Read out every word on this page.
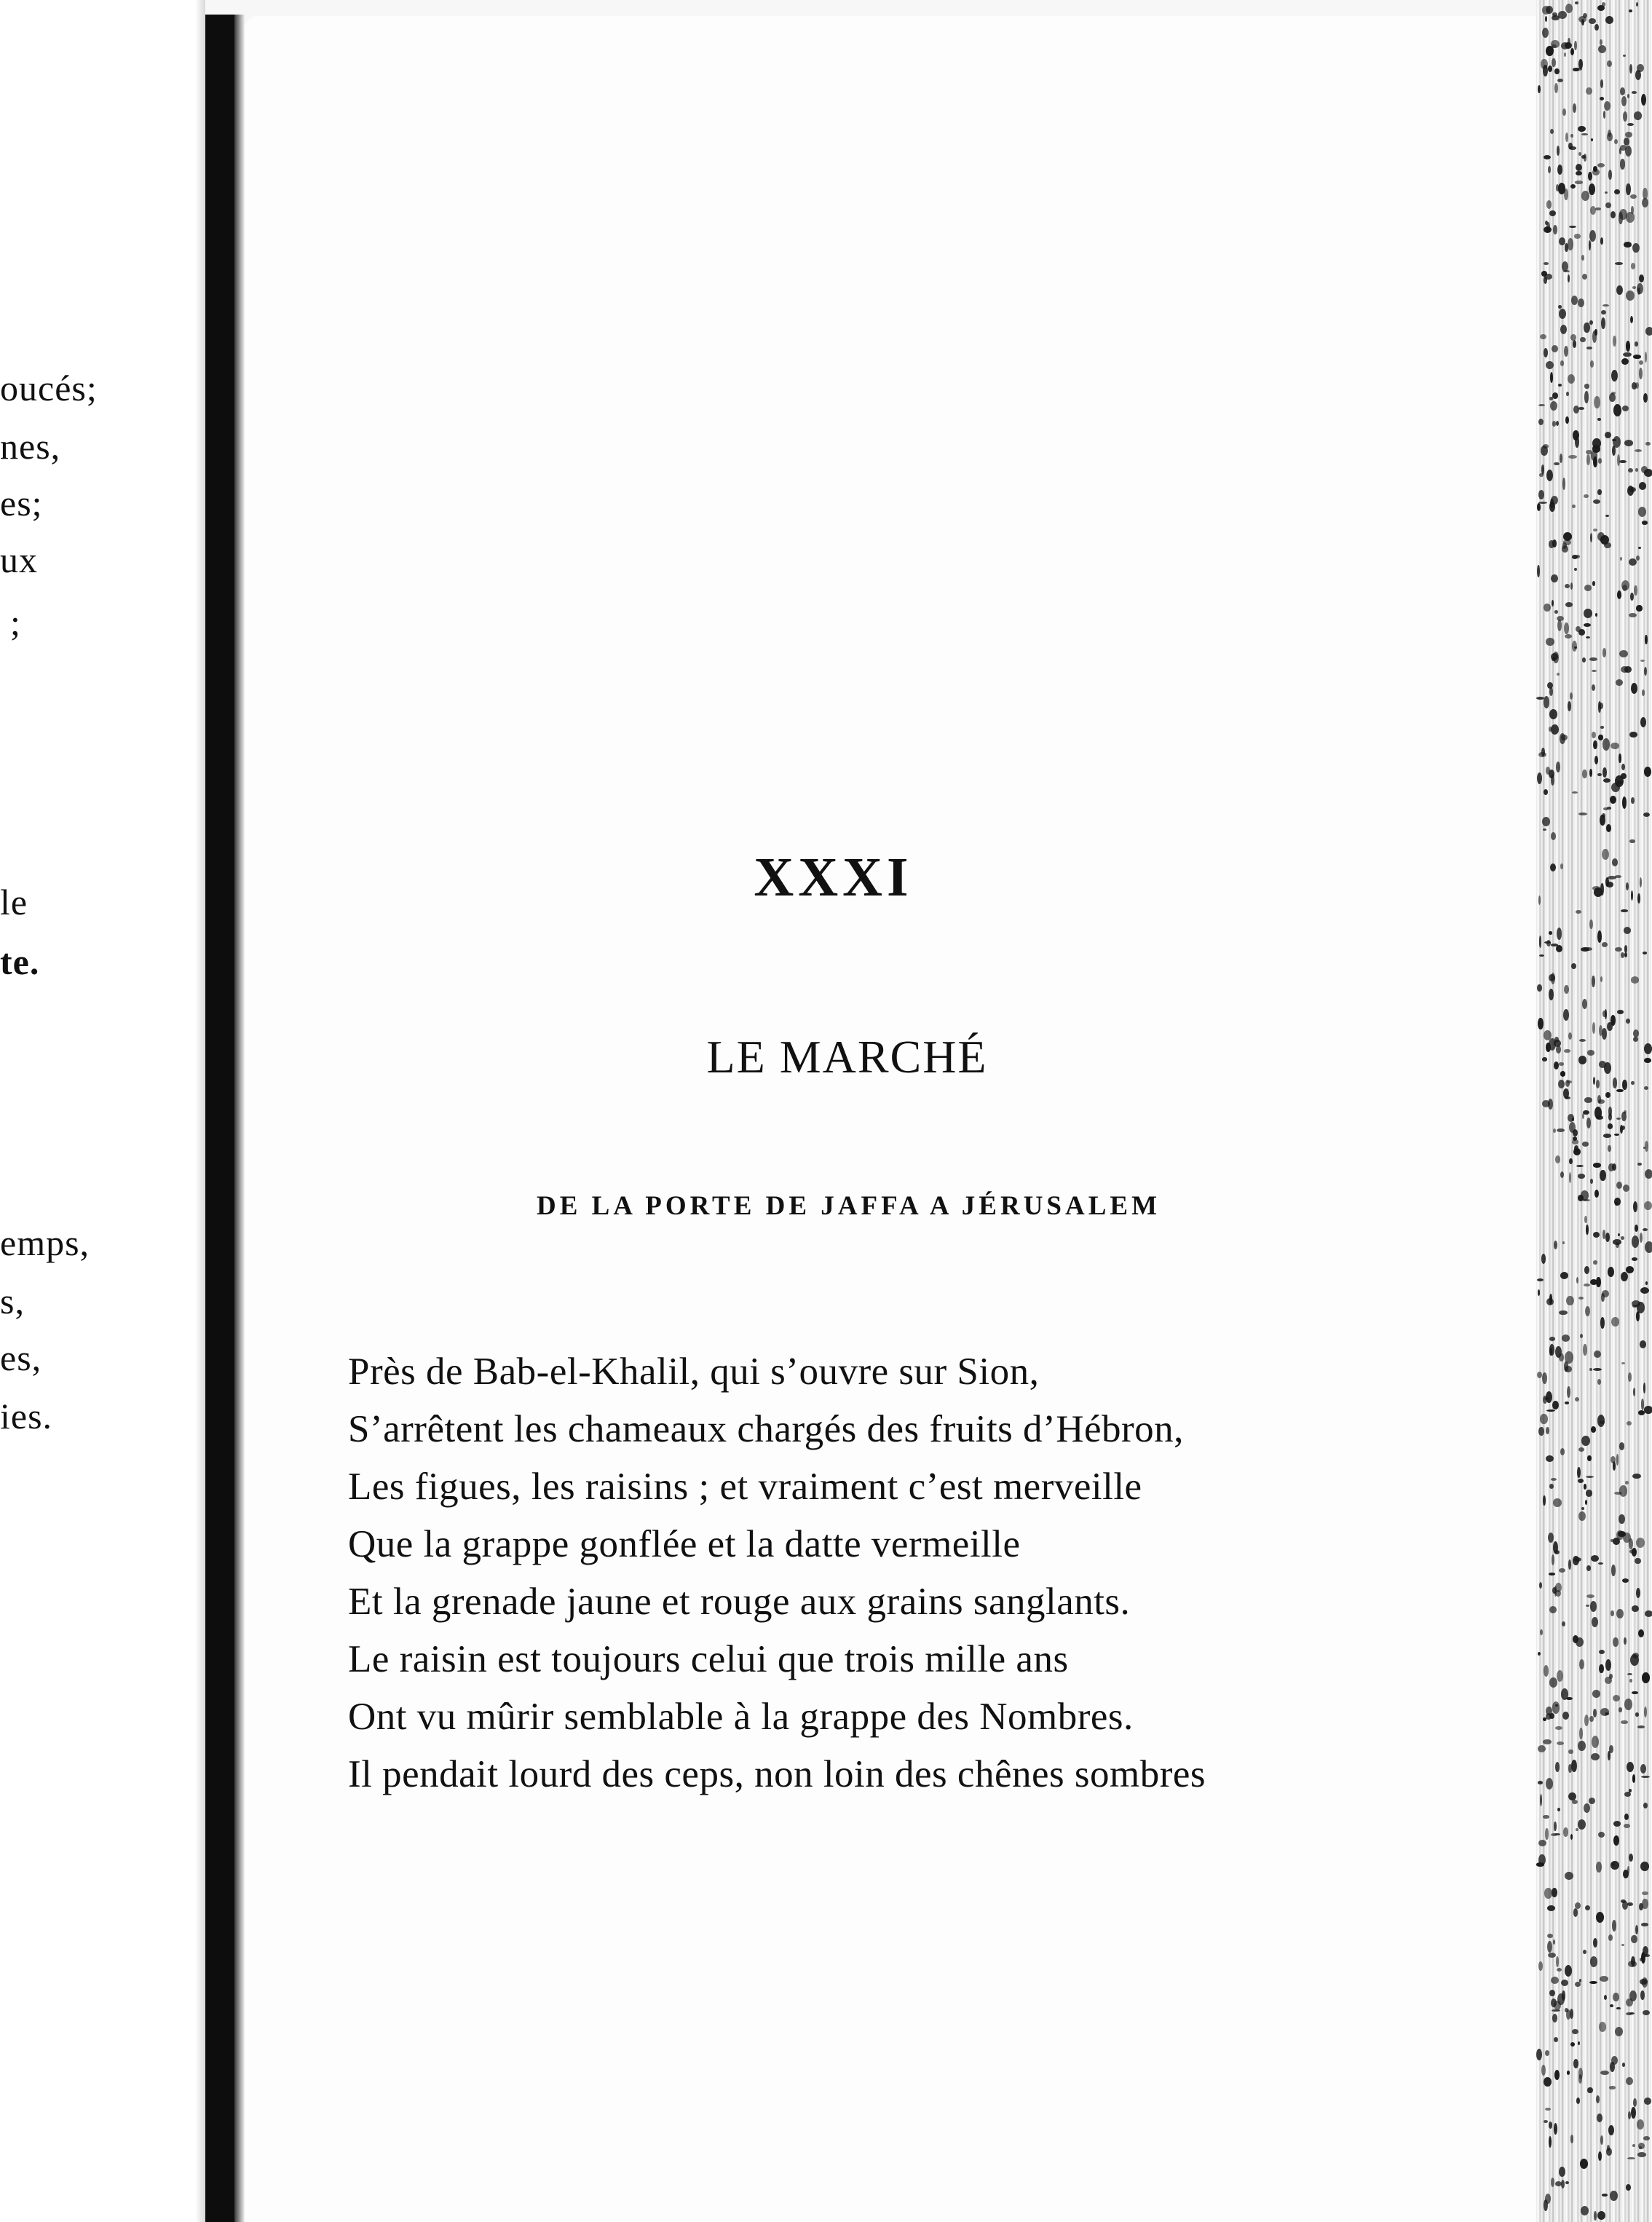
oucés;
nes,
es;
ux
;
le
te.
emps,
s,
es,
ies.
XXXI
LE MARCHÉ
DE LA PORTE DE JAFFA A JÉRUSALEM
Près de Bab-el-Khalil, qui s’ouvre sur Sion,
S’arrêtent les chameaux chargés des fruits d’Hébron,
Les figues, les raisins ; et vraiment c’est merveille
Que la grappe gonflée et la datte vermeille
Et la grenade jaune et rouge aux grains sanglants.
Le raisin est toujours celui que trois mille ans
Ont vu mûrir semblable à la grappe des Nombres.
Il pendait lourd des ceps, non loin des chênes sombres
